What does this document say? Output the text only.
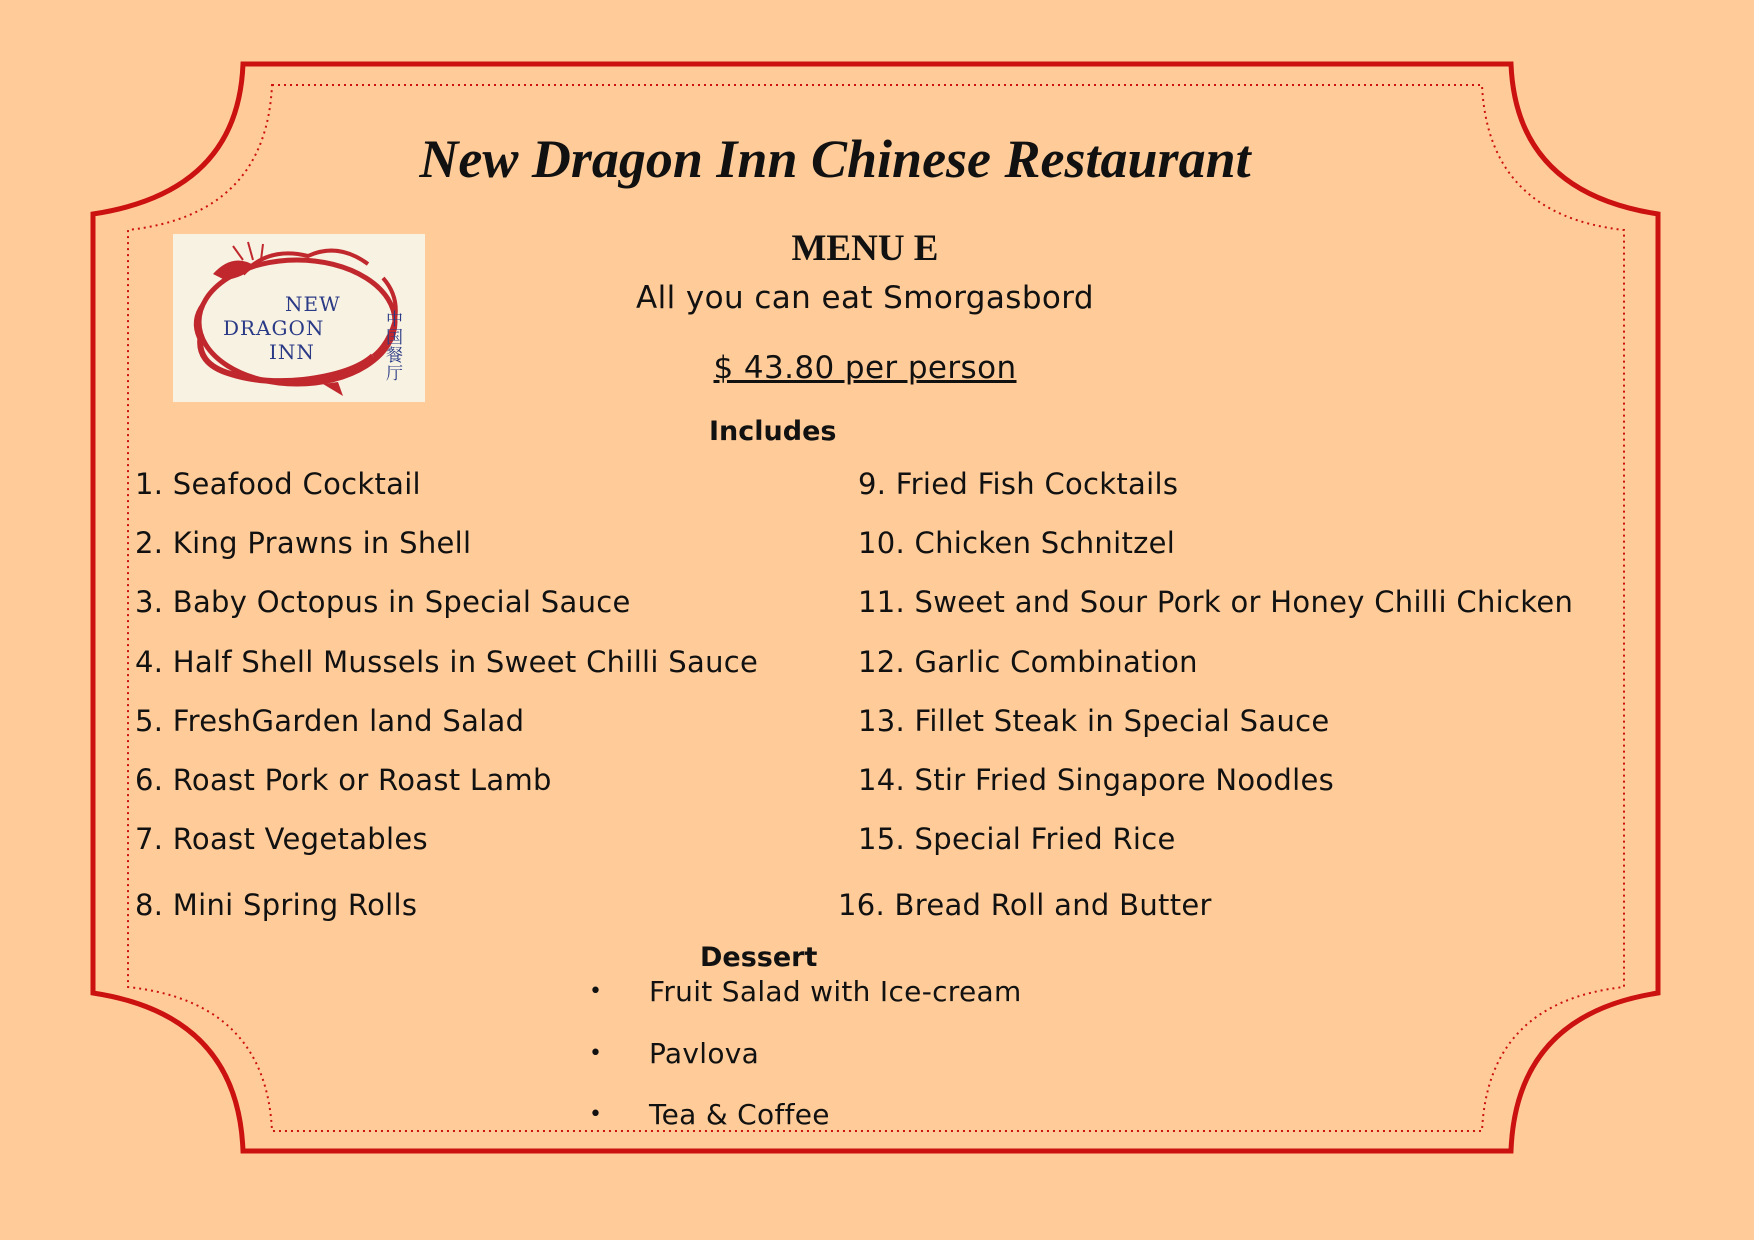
New Dragon Inn Chinese Restaurant
NEW
DRAGON
INN
中国餐厅
MENU E
All you can eat Smorgasbord
$ 43.80 per person
Includes
1. Seafood Cocktail
2. King Prawns in Shell
3. Baby Octopus in Special Sauce
4. Half Shell Mussels in Sweet Chilli Sauce
5. FreshGarden land Salad
6. Roast Pork or Roast Lamb
7. Roast Vegetables
8. Mini Spring Rolls
9. Fried Fish Cocktails
10. Chicken Schnitzel
11. Sweet and Sour Pork or Honey Chilli Chicken
12. Garlic Combination
13. Fillet Steak in Special Sauce
14. Stir Fried Singapore Noodles
15. Special Fried Rice
16. Bread Roll and Butter
Dessert
• Fruit Salad with Ice-cream
• Pavlova
• Tea & Coffee
